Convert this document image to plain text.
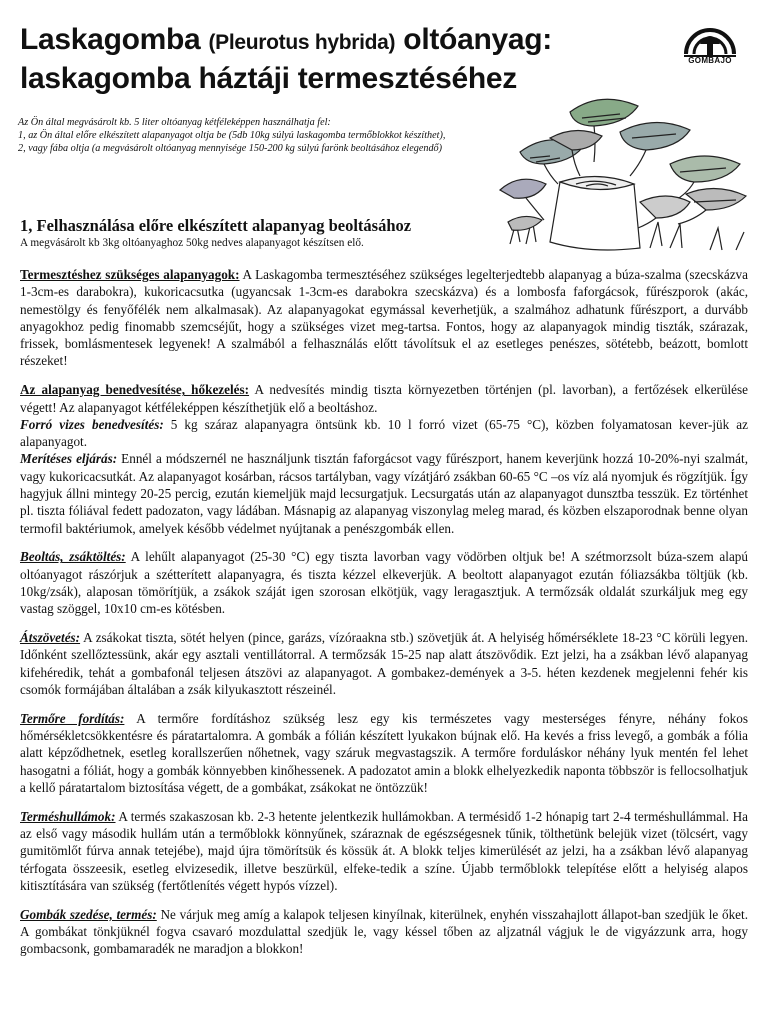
Laskagomba (Pleurotus hybrida) oltóanyag:
laskagomba háztáji termesztéséhez
GOMBAJÓ

Az Ön által megvásárolt kb. 5 liter oltóanyag kétféleképpen használhatja fel:

1, az Ön által előre elkészített alapanyagot oltja be (5db 10kg súlyú laskagomba termőblokkot készíthet),

2, vagy fába oltja (a megvásárolt oltóanyag mennyisége 150-200 kg súlyú farönk beoltásához elegendő)

1, Felhasználása előre elkészített alapanyag beoltásához
A megvásárolt kb 3kg oltóanyaghoz 50kg nedves alapanyagot készítsen elő.

Termesztéshez szükséges alapanyagok: A Laskagomba termesztéséhez szükséges legelterjedtebb alapanyag a búza-szalma (szecskázva 1-3cm-es darabokra), kukoricacsutka (ugyancsak 1-3cm-es darabokra szecskázva) és a lombosfa faforgácsok, fűrészporok (akác, nemestölgy és fenyőfélék nem alkalmasak). Az alapanyagokat egymással keverhetjük, a szalmához adhatunk fűrészport, a durvább anyagokhoz pedig finomabb szemcséjűt, hogy a szükséges vizet meg-tartsa. Fontos, hogy az alapanyagok mindig tiszták, szárazak, frissek, bomlásmentesek legyenek! A szalmából a felhasználás előtt távolítsuk el az esetleges penészes, sötétebb, beázott, bomlott részeket!

Az alapanyag benedvesítése, hőkezelés: A nedvesítés mindig tiszta környezetben történjen (pl. lavorban), a fertőzések elkerülése végett! Az alapanyagot kétféleképpen készíthetjük elő a beoltáshoz.

Forró vizes benedvesítés: 5 kg száraz alapanyagra öntsünk kb. 10 l forró vizet (65-75 °C), közben folyamatosan kever-jük az alapanyagot.

Merítéses eljárás: Ennél a módszernél ne használjunk tisztán faforgácsot vagy fűrészport, hanem keverjünk hozzá 10-20%-nyi szalmát, vagy kukoricacsutkát. Az alapanyagot kosárban, rácsos tartályban, vagy vízátjáró zsákban 60-65 °C –os víz alá nyomjuk és rögzítjük. Így hagyjuk állni mintegy 20-25 percig, ezután kiemeljük majd lecsurgatjuk. Lecsurgatás után az alapanyagot dunsztba tesszük. Ez történhet pl. tiszta fóliával fedett padozaton, vagy ládában. Másnapig az alapanyag viszonylag meleg marad, és közben elszaporodnak benne olyan termofil baktériumok, amelyek később védelmet nyújtanak a penészgombák ellen.

Beoltás, zsáktöltés: A lehűlt alapanyagot (25-30 °C) egy tiszta lavorban vagy vödörben oltjuk be! A szétmorzsolt búza-szem alapú oltóanyagot rászórjuk a szétterített alapanyagra, és tiszta kézzel elkeverjük. A beoltott alapanyagot ezután fóliazsákba töltjük (kb. 10kg/zsák), alaposan tömörítjük, a zsákok száját igen szorosan elkötjük, vagy leragasztjuk. A termőzsák oldalát szurkáljuk meg egy vastag szöggel, 10x10 cm-es kötésben.

Átszövetés: A zsákokat tiszta, sötét helyen (pince, garázs, vízóraakna stb.) szövetjük át. A helyiség hőmérséklete 18-23 °C körüli legyen. Időnként szellőztessünk, akár egy asztali ventillátorral. A termőzsák 15-25 nap alatt átszövődik. Ezt jelzi, ha a zsákban lévő alapanyag kifehéredik, tehát a gombafonál teljesen átszövi az alapanyagot. A gombakez-demények a 3-5. héten kezdenek megjelenni fehér kis csomók formájában általában a zsák kilyukasztott részeinél.

Termőre fordítás: A termőre fordításhoz szükség lesz egy kis természetes vagy mesterséges fényre, néhány fokos hőmérsékletcsökkentésre és páratartalomra. A gombák a fólián készített lyukakon bújnak elő. Ha kevés a friss levegő, a gombák a fólia alatt képződhetnek, esetleg korallszerűen nőhetnek, vagy száruk megvastagszik. A termőre forduláskor néhány lyuk mentén fel lehet hasogatni a fóliát, hogy a gombák könnyebben kinőhessenek. A padozatot amin a blokk elhelyezkedik naponta többször is fellocsolhatjuk a kellő páratartalom biztosítása végett, de a gombákat, zsákokat ne öntözzük!

Terméshullámok: A termés szakaszosan kb. 2-3 hetente jelentkezik hullámokban. A termésidő 1-2 hónapig tart 2-4 terméshullámmal. Ha az első vagy második hullám után a termőblokk könnyűnek, száraznak de egészségesnek tűnik, tölthetünk belejük vizet (tölcsért, vagy gumitömlőt fúrva annak tetejébe), majd újra tömörítsük és kössük át. A blokk teljes kimerülését az jelzi, ha a zsákban lévő alapanyag térfogata összeesik, esetleg elvizesedik, illetve beszürkül, elfeke-tedik a színe. Újabb termőblokk telepítése előtt a helyiség alapos kitisztítására van szükség (fertőtlenítés végett hypós vízzel).

Gombák szedése, termés: Ne várjuk meg amíg a kalapok teljesen kinyílnak, kiterülnek, enyhén visszahajlott állapot-ban szedjük le őket. A gombákat tönkjüknél fogva csavaró mozdulattal szedjük le, vagy késsel tőben az aljzatnál vágjuk le de vigyázzunk arra, hogy gombacsonk, gombamaradék ne maradjon a blokkon!
